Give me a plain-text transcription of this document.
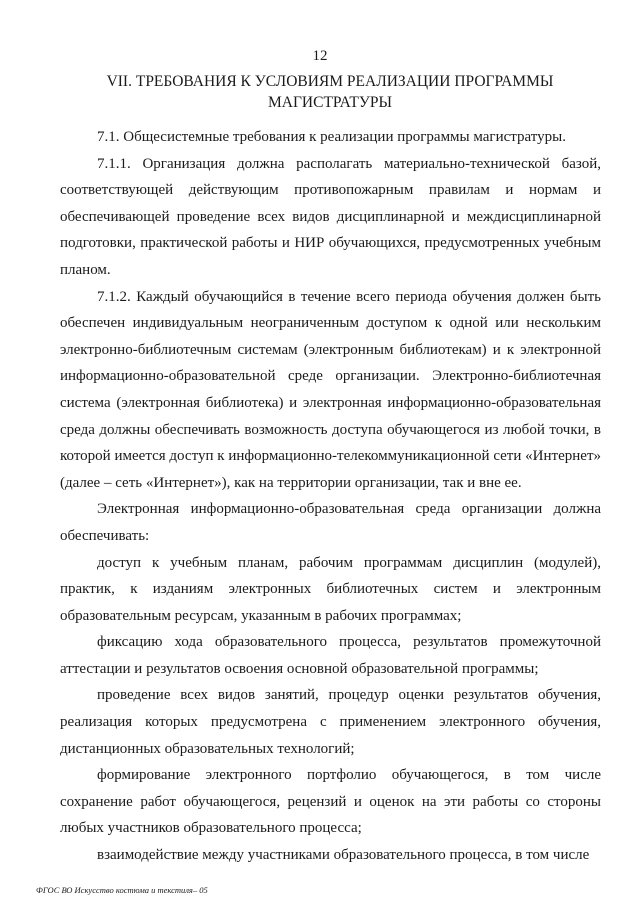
12
VII. ТРЕБОВАНИЯ К УСЛОВИЯМ РЕАЛИЗАЦИИ ПРОГРАММЫ МАГИСТРАТУРЫ

7.1. Общесистемные требования к реализации программы магистратуры.

7.1.1. Организация должна располагать материально-технической базой, соответствующей действующим противопожарным правилам и нормам и обеспечивающей проведение всех видов дисциплинарной и междисциплинарной подготовки, практической работы и НИР обучающихся, предусмотренных учебным планом.

7.1.2. Каждый обучающийся в течение всего периода обучения должен быть обеспечен индивидуальным неограниченным доступом к одной или нескольким электронно-библиотечным системам (электронным библиотекам) и к электронной информационно-образовательной среде организации. Электронно-библиотечная система (электронная библиотека) и электронная информационно-образовательная среда должны обеспечивать возможность доступа обучающегося из любой точки, в которой имеется доступ к информационно-телекоммуникационной сети «Интернет» (далее – сеть «Интернет»), как на территории организации, так и вне ее.

Электронная информационно-образовательная среда организации должна обеспечивать:

доступ к учебным планам, рабочим программам дисциплин (модулей), практик, к изданиям электронных библиотечных систем и электронным образовательным ресурсам, указанным в рабочих программах;

фиксацию хода образовательного процесса, результатов промежуточной аттестации и результатов освоения основной образовательной программы;

проведение всех видов занятий, процедур оценки результатов обучения, реализация которых предусмотрена с применением электронного обучения, дистанционных образовательных технологий;

формирование электронного портфолио обучающегося, в том числе сохранение работ обучающегося, рецензий и оценок на эти работы со стороны любых участников образовательного процесса;

взаимодействие между участниками образовательного процесса, в том числе

ФГОС ВО Искусство костюма и текстиля– 05
